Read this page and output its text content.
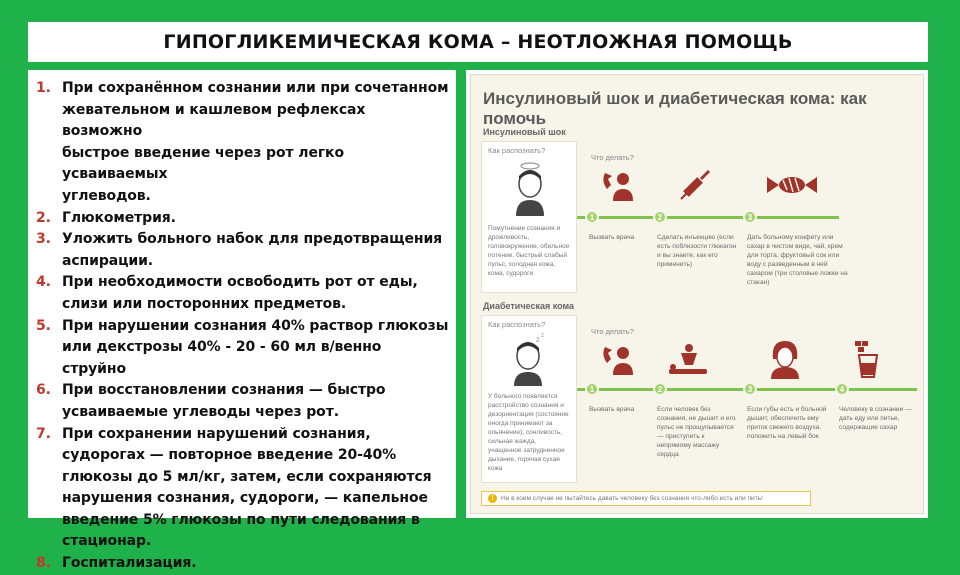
ГИПОГЛИКЕМИЧЕСКАЯ КОМА – НЕОТЛОЖНАЯ ПОМОЩЬ
1. При сохранённом сознании или при сочетанном
жевательном и кашлевом рефлексах возможно
быстрое введение через рот легко усваиваемых
углеводов.
2. Глюкометрия.
3. Уложить больного набок для предотвращения
аспирации.
4. При необходимости освободить рот от еды,
слизи или посторонних предметов.
5. При нарушении сознания 40% раствор глюкозы
или декстрозы 40% - 20 - 60 мл в/венно струйно
6. При восстановлении сознания — быстро
усваиваемые углеводы через рот.
7. При сохранении нарушений сознания,
судорогах — повторное введение 20-40%
глюкозы до 5 мл/кг, затем, если сохраняются
нарушения сознания, судороги, — капельное
введение 5% глюкозы по пути следования в
стационар.
8. Госпитализация.
Инсулиновый шок и диабетическая кома: как помочь
Инсулиновый шок
Как распознать?
Помутнение сознания и дрожливость, головокружение, обильное потение, быстрый слабый пульс, холодная кожа, кома, судороги
Что делать?
1	2	3
Вызвать врача	Сделать инъекцию (если есть поблизости глюкагон и вы знаете, как его применить)
Дать больному конфету или сахар в чистом виде, чай, крем для торта, фруктовый сок или воду с разведенным в ней сахаром (три столовые ложки на стакан)
Диабетическая кома
Как распознать?
z z
У больного появляется расстройство сознания и дезориентация (состояние иногда принимают за опьянение), сонливость, сильная жажда, учащенное затрудненное дыхание, горячая сухая кожа
Что делать?
1	2	3	4
Вызвать врача	Если человек без сознания, не дышит и его пульс не прощупывается — приступить к непрямому массажу сердца
Если губы есть и больной дышит, обеспечить ему приток свежего воздуха. положить на левый бок
Человеку в сознании — дать еду или питье, содержащие сахар
!	Ни в коем случае не пытайтесь давать человеку без сознания что-либо есть или пить!
